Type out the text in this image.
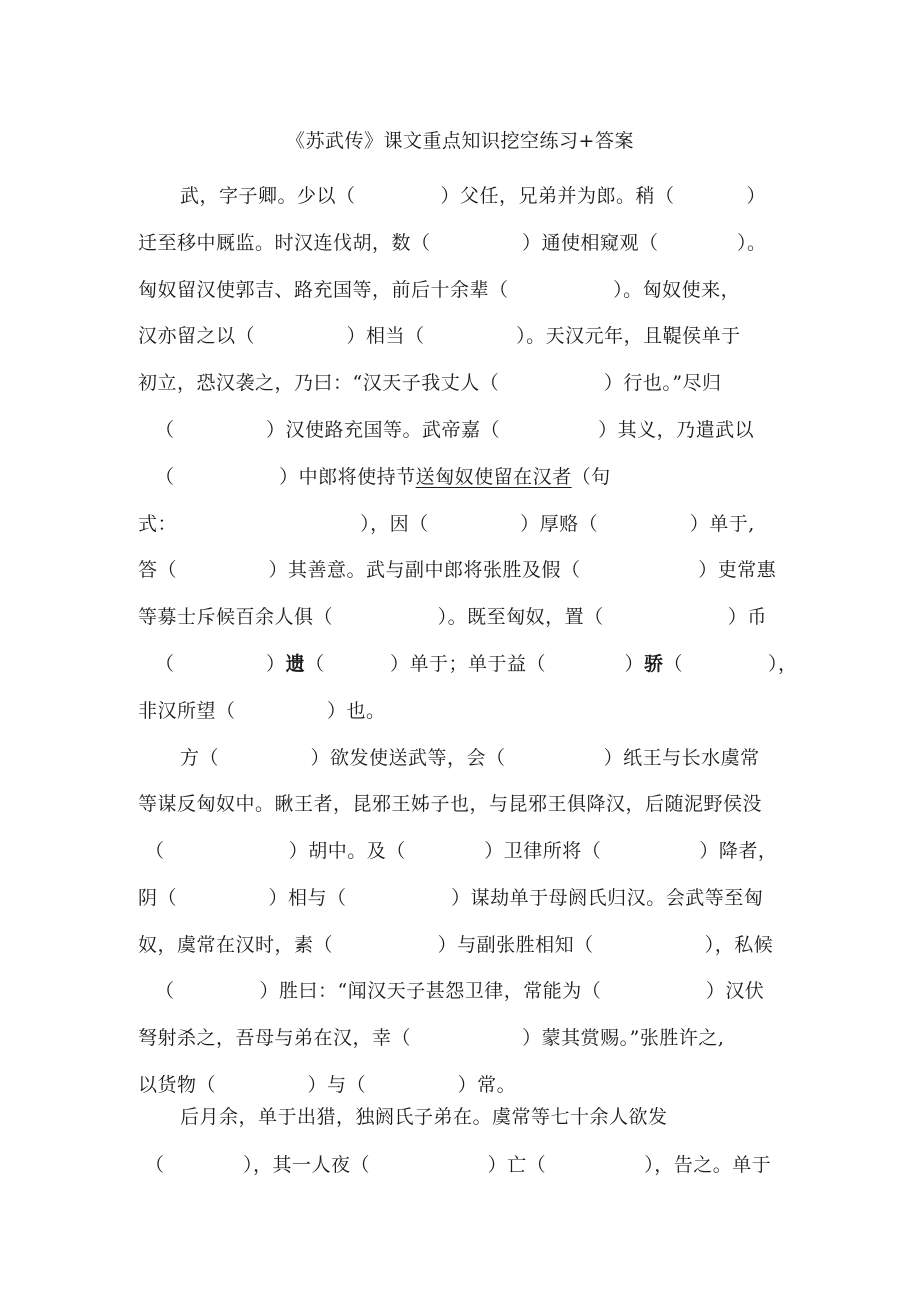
《苏武传》课文重点知识挖空练习+答案
武，字子卿。少以（             ）父任，兄弟并为郎。稍（           ）
迁至移中厩监。时汉连伐胡，数（              ）通使相窥观（            ）。
匈奴留汉使郭吉、路充国等，前后十余辈（                ）。匈奴使来，
汉亦留之以（              ）相当（              ）。天汉元年，且鞮侯单于
初立，恐汉袭之，乃曰：“汉天子我丈人（                ）行也。”尽归
（              ）汉使路充国等。武帝嘉（               ）其义，乃遣武以
（                ）中郎将使持节送匈奴使留在汉者（句
式：                            ），因（              ）厚赂（              ）单于,
答（              ）其善意。武与副中郎将张胜及假（                  ）吏常惠
等募士斥候百余人俱（                ）。既至匈奴，置（                   ）币
（              ）遗（          ）单于；单于益（            ）骄（             ），
非汉所望（              ）也。
方（              ）欲发使送武等，会（               ）纸王与长水虞常
等谋反匈奴中。瞅王者，昆邪王姊子也，与昆邪王俱降汉，后随泥野侯没
（                   ）胡中。及（            ）卫律所将（               ）降者，
阴（              ）相与（                ）谋劫单于母阏氏归汉。会武等至匈
奴，虞常在汉时，素（                ）与副张胜相知（                 ），私候
（             ）胜曰：“闻汉天子甚怨卫律，常能为（                ）汉伏
弩射杀之，吾母与弟在汉，幸（                 ）蒙其赏赐。”张胜许之,
以货物（              ）与（              ）常。
后月余，单于出猎，独阏氏子弟在。虞常等七十余人欲发
（            ），其一人夜（                  ）亡（               ），告之。单于
